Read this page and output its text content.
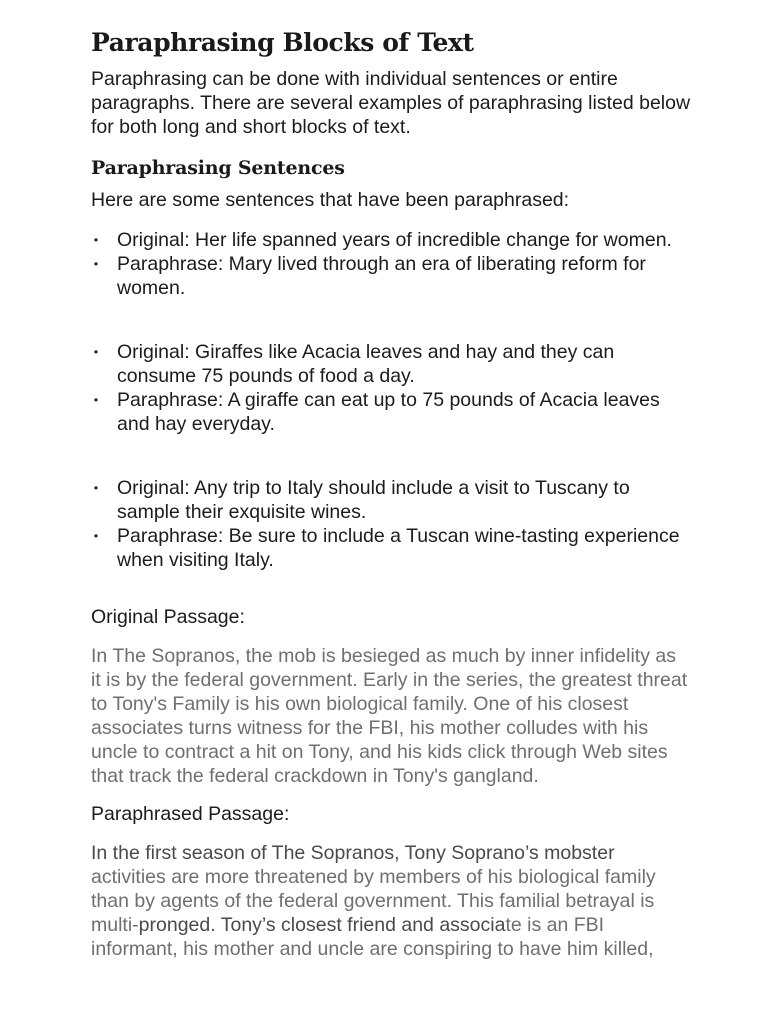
Paraphrasing Blocks of Text

Paraphrasing can be done with individual sentences or entire paragraphs. There are several examples of paraphrasing listed below for both long and short blocks of text.

Paraphrasing Sentences

Here are some sentences that have been paraphrased:

• Original: Her life spanned years of incredible change for women.
• Paraphrase: Mary lived through an era of liberating reform for women.
• Original: Giraffes like Acacia leaves and hay and they can consume 75 pounds of food a day.
• Paraphrase: A giraffe can eat up to 75 pounds of Acacia leaves and hay everyday.
• Original: Any trip to Italy should include a visit to Tuscany to sample their exquisite wines.
• Paraphrase: Be sure to include a Tuscan wine-tasting experience when visiting Italy.

Original Passage:

In The Sopranos, the mob is besieged as much by inner infidelity as it is by the federal government. Early in the series, the greatest threat to Tony's Family is his own biological family. One of his closest associates turns witness for the FBI, his mother colludes with his uncle to contract a hit on Tony, and his kids click through Web sites that track the federal crackdown in Tony's gangland.

Paraphrased Passage:

In the first season of The Sopranos, Tony Soprano’s mobster activities are more threatened by members of his biological family than by agents of the federal government. This familial betrayal is multi-pronged. Tony’s closest friend and associate is an FBI informant, his mother and uncle are conspiring to have him killed,
